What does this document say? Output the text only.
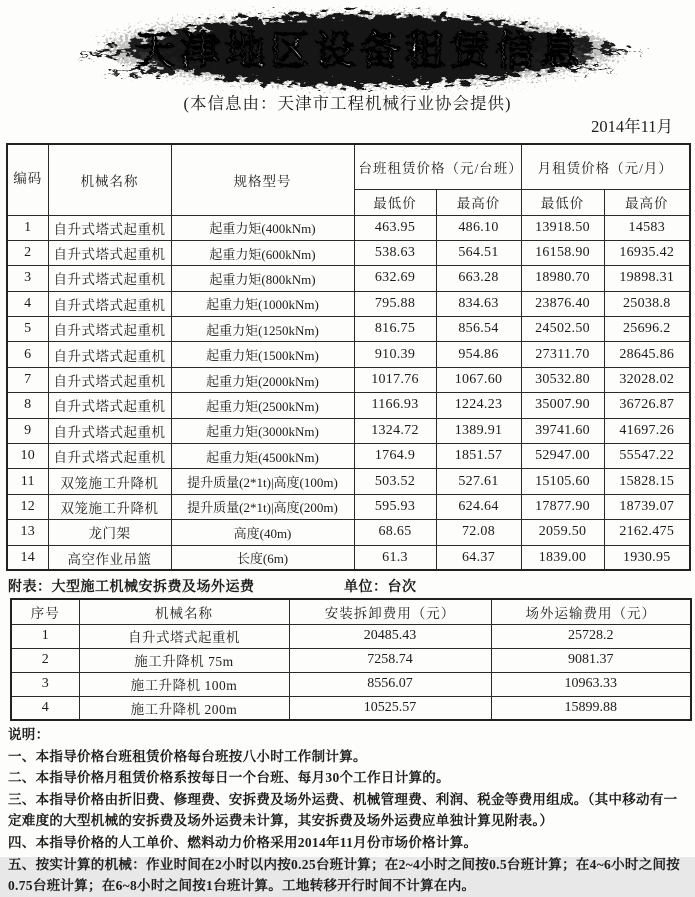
天津地区设备租赁信息
(本信息由：天津市工程机械行业协会提供)
2014年11月
编码	机械名称	规格型号	台班租赁价格（元/台班）		月租赁价格（元/月）	
			最低价	最高价	最低价	最高价
1	自升式塔式起重机	起重力矩(400kNm)	463.95	486.10	13918.50	14583
2	自升式塔式起重机	起重力矩(600kNm)	538.63	564.51	16158.90	16935.42
3	自升式塔式起重机	起重力矩(800kNm)	632.69	663.28	18980.70	19898.31
4	自升式塔式起重机	起重力矩(1000kNm)	795.88	834.63	23876.40	25038.8
5	自升式塔式起重机	起重力矩(1250kNm)	816.75	856.54	24502.50	25696.2
6	自升式塔式起重机	起重力矩(1500kNm)	910.39	954.86	27311.70	28645.86
7	自升式塔式起重机	起重力矩(2000kNm)	1017.76	1067.60	30532.80	32028.02
8	自升式塔式起重机	起重力矩(2500kNm)	1166.93	1224.23	35007.90	36726.87
9	自升式塔式起重机	起重力矩(3000kNm)	1324.72	1389.91	39741.60	41697.26
10	自升式塔式起重机	起重力矩(4500kNm)	1764.9	1851.57	52947.00	55547.22
11	双笼施工升降机	提升质量(2*1t)|高度(100m)	503.52	527.61	15105.60	15828.15
12	双笼施工升降机	提升质量(2*1t)|高度(200m)	595.93	624.64	17877.90	18739.07
13	龙门架	高度(40m)	68.65	72.08	2059.50	2162.475
14	高空作业吊篮	长度(6m)	61.3	64.37	1839.00	1930.95
附表：大型施工机械安拆费及场外运费	单位：台次
序号	机械名称	安装拆卸费用（元）	场外运输费用（元）
1	自升式塔式起重机	20485.43	25728.2
2	施工升降机 75m	7258.74	9081.37
3	施工升降机 100m	8556.07	10963.33
4	施工升降机 200m	10525.57	15899.88

说明：

一、本指导价格台班租赁价格每台班按八小时工作制计算。

二、本指导价格月租赁价格系按每日一个台班、每月30个工作日计算的。

三、本指导价格由折旧费、修理费、安拆费及场外运费、机械管理费、利润、税金等费用组成。（其中移动有一定难度的大型机械的安拆费及场外运费未计算，其安拆费及场外运费应单独计算见附表。）

四、本指导价格的人工单价、燃料动力价格采用2014年11月份市场价格计算。

五、按实计算的机械：作业时间在2小时以内按0.25台班计算；在2~4小时之间按0.5台班计算；在4~6小时之间按0.75台班计算；在6~8小时之间按1台班计算。工地转移开行时间不计算在内。
